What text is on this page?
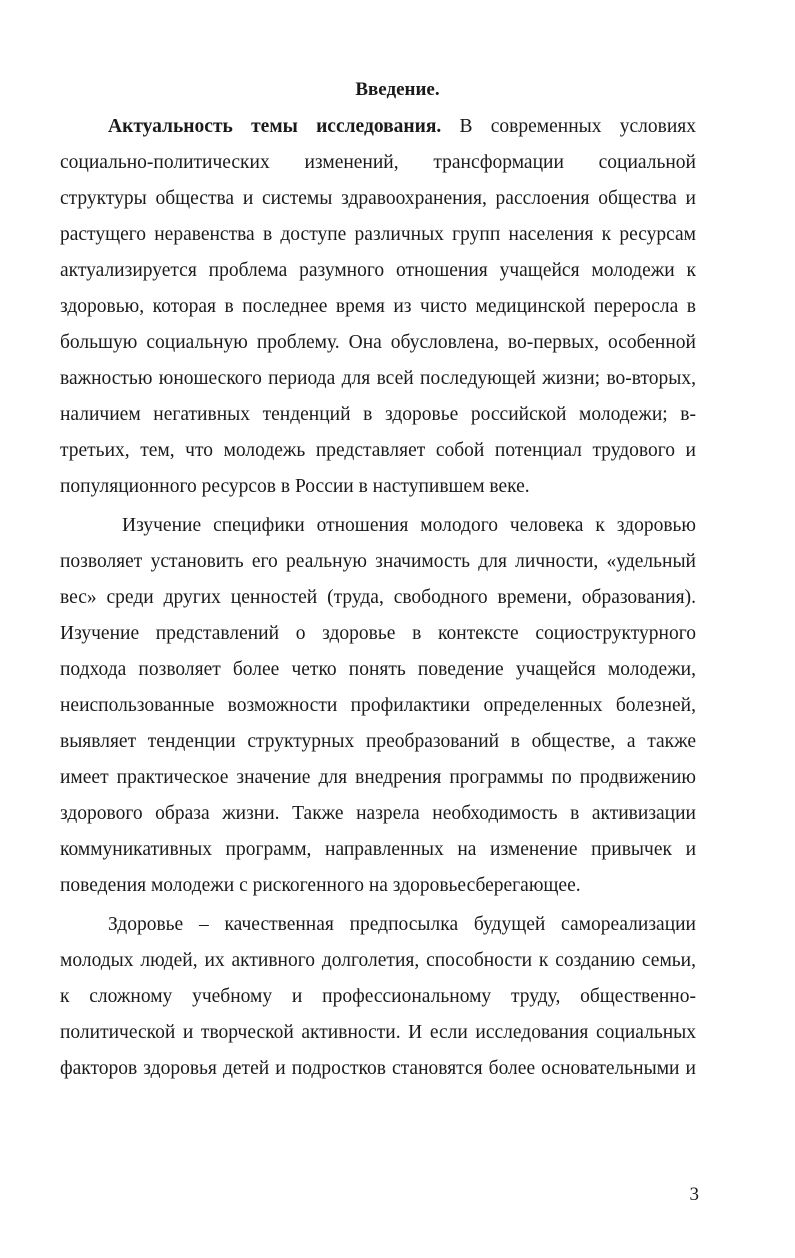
Введение.
Актуальность темы исследования. В современных условиях
социально-политических изменений, трансформации социальной
структуры общества и системы здравоохранения, расслоения общества и
растущего неравенства в доступе различных групп населения к ресурсам
актуализируется проблема разумного отношения учащейся молодежи к
здоровью, которая в последнее время из чисто медицинской переросла в
большую социальную проблему. Она обусловлена, во-первых, особенной
важностью юношеского периода для всей последующей жизни; во-вторых,
наличием негативных тенденций в здоровье российской молодежи; в-
третьих, тем, что молодежь представляет собой потенциал трудового и
популяционного ресурсов в России в наступившем веке.
Изучение специфики отношения молодого человека к здоровью
позволяет установить его реальную значимость для личности, «удельный
вес» среди других ценностей (труда, свободного времени, образования).
Изучение представлений о здоровье в контексте социоструктурного
подхода позволяет более четко понять поведение учащейся молодежи,
неиспользованные возможности профилактики определенных болезней,
выявляет тенденции структурных преобразований в обществе, а также
имеет практическое значение для внедрения программы по продвижению
здорового образа жизни. Также назрела необходимость в активизации
коммуникативных программ, направленных на изменение привычек и
поведения молодежи с рискогенного на здоровьесберегающее.
Здоровье – качественная предпосылка будущей самореализации
молодых людей, их активного долголетия, способности к созданию семьи,
к сложному учебному и профессиональному труду, общественно-
политической и творческой активности. И если исследования социальных
факторов здоровья детей и подростков становятся более основательными и
3
